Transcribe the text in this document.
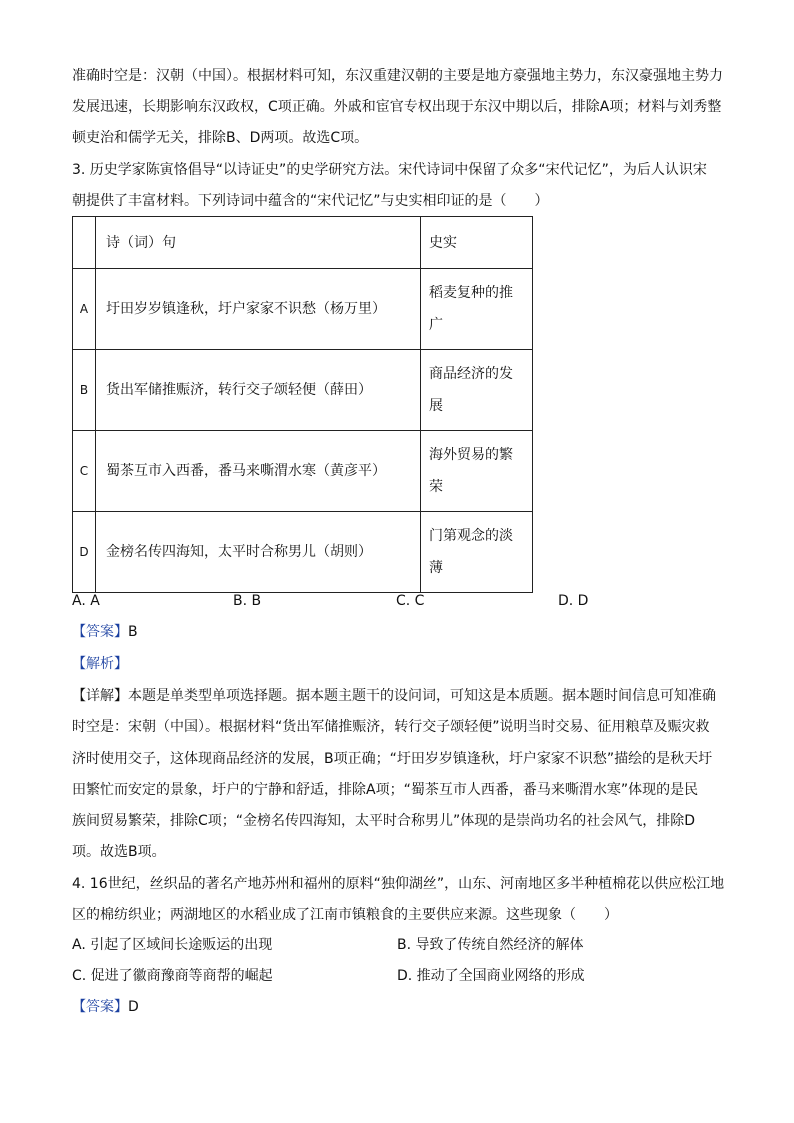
准确时空是：汉朝（中国）。根据材料可知，东汉重建汉朝的主要是地方豪强地主势力，东汉豪强地主势力
发展迅速，长期影响东汉政权，C项正确。外戚和宦官专权出现于东汉中期以后，排除A项；材料与刘秀整
顿吏治和儒学无关，排除B、D两项。故选C项。
3. 历史学家陈寅恪倡导“以诗证史”的史学研究方法。宋代诗词中保留了众多“宋代记忆”，为后人认识宋
朝提供了丰富材料。下列诗词中蕴含的“宋代记忆”与史实相印证的是（　　）
	诗（词）句	史实
A	圩田岁岁镇逢秋，圩户家家不识愁（杨万里）	稻麦复种的推广
B	货出军储推赈济，转行交子颂轻便（薛田）	商品经济的发展
C	蜀茶互市入西番，番马来嘶渭水寒（黄彦平）	海外贸易的繁荣
D	金榜名传四海知，太平时合称男儿（胡则）	门第观念的淡薄
A. A	B. B	C. C	D. D
【答案】B
【解析】
【详解】本题是单类型单项选择题。据本题主题干的设问词，可知这是本质题。据本题时间信息可知准确
时空是：宋朝（中国）。根据材料“货出军储推赈济，转行交子颂轻便”说明当时交易、征用粮草及赈灾救
济时使用交子，这体现商品经济的发展，B项正确；“圩田岁岁镇逢秋，圩户家家不识愁”描绘的是秋天圩
田繁忙而安定的景象，圩户的宁静和舒适，排除A项；“蜀茶互市人西番，番马来嘶渭水寒”体现的是民
族间贸易繁荣，排除C项；“金榜名传四海知，太平时合称男儿”体现的是崇尚功名的社会风气，排除D
项。故选B项。
4. 16世纪，丝织品的著名产地苏州和福州的原料“独仰湖丝”，山东、河南地区多半种植棉花以供应松江地
区的棉纺织业；两湖地区的水稻业成了江南市镇粮食的主要供应来源。这些现象（　　）
A. 引起了区域间长途贩运的出现	B. 导致了传统自然经济的解体
C. 促进了徽商豫商等商帮的崛起	D. 推动了全国商业网络的形成
【答案】D
